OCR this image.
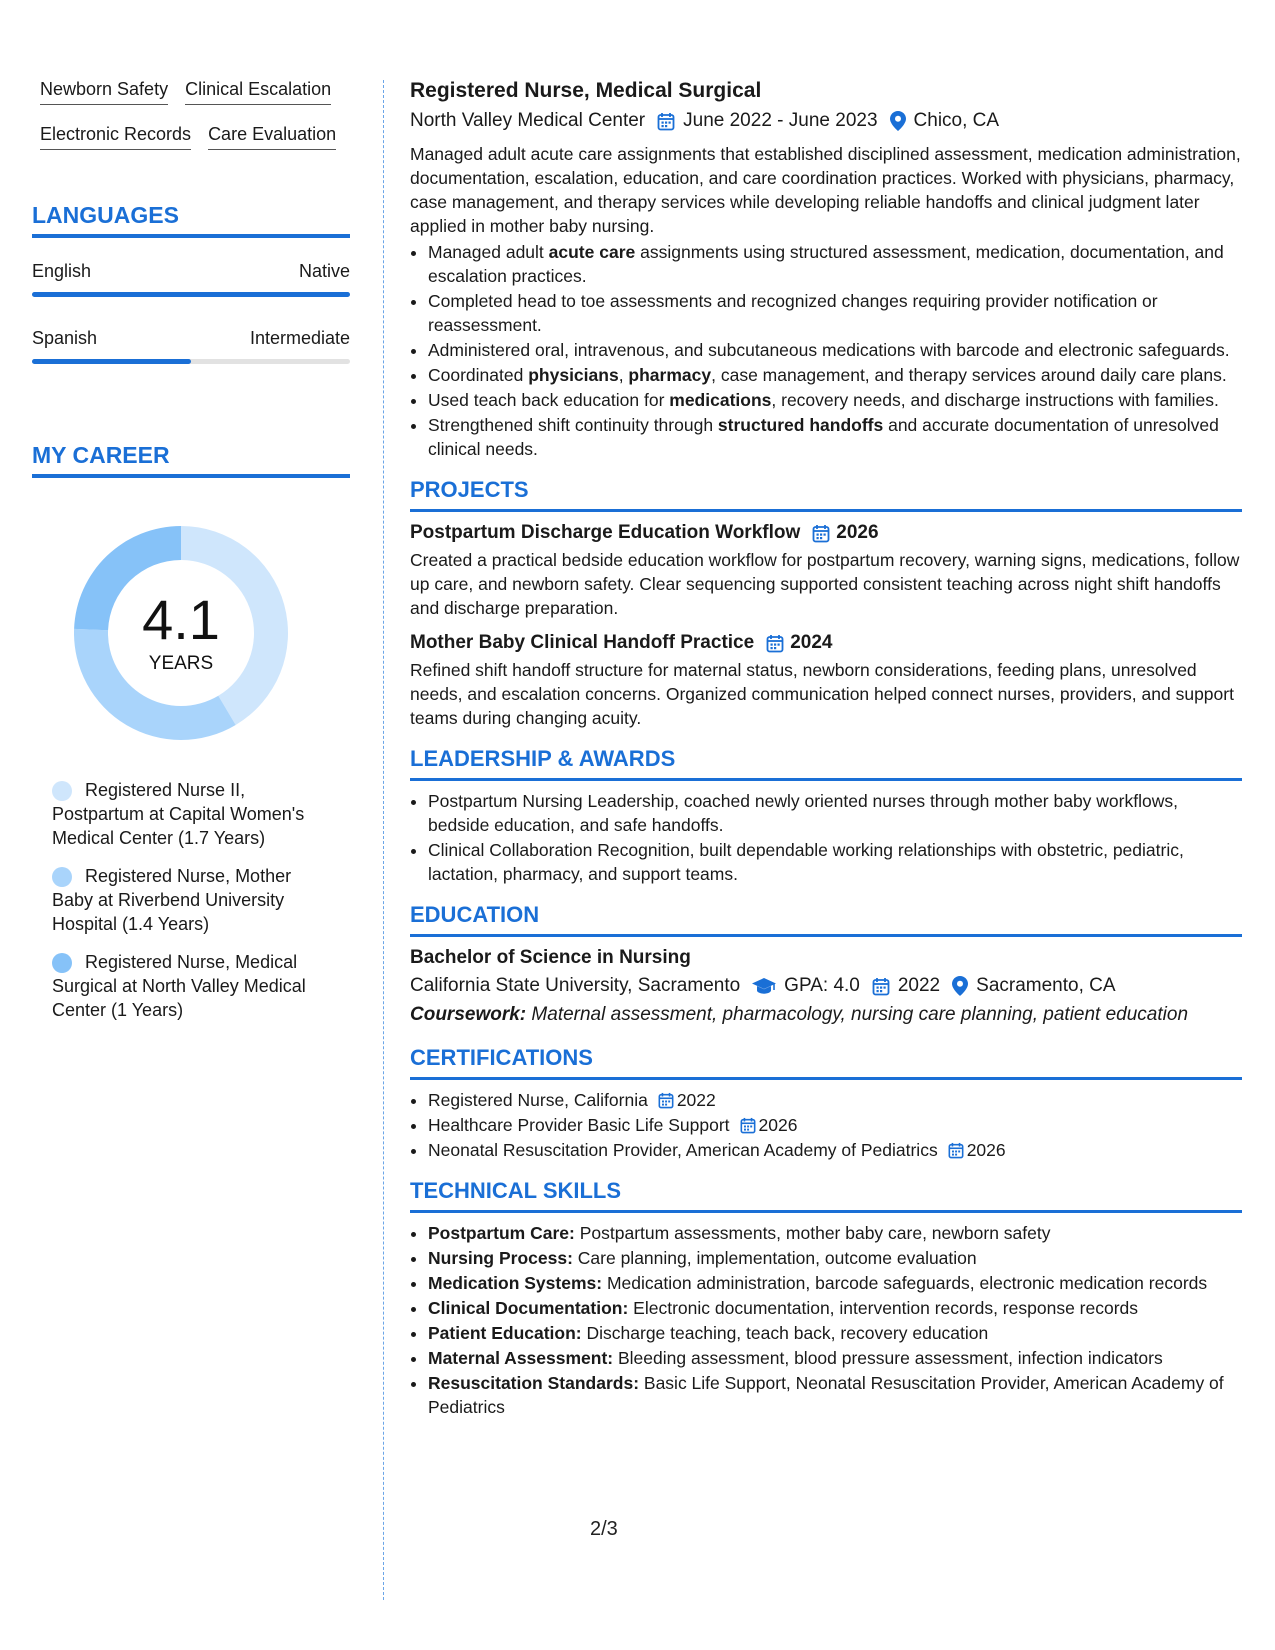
Newborn Safety Clinical Escalation
Electronic Records Care Evaluation
LANGUAGES
English	Native
Spanish	Intermediate
MY CAREER
4.1
YEARS
Registered Nurse II, Postpartum at Capital Women's Medical Center (1.7 Years)
Registered Nurse, Mother Baby at Riverbend University Hospital (1.4 Years)
Registered Nurse, Medical Surgical at North Valley Medical Center (1 Years)
Registered Nurse, Medical Surgical
North Valley Medical Center June 2022 - June 2023 Chico, CA
Managed adult acute care assignments that established disciplined assessment, medication administration, documentation, escalation, education, and care coordination practices. Worked with physicians, pharmacy, case management, and therapy services while developing reliable handoffs and clinical judgment later applied in mother baby nursing.
• Managed adult acute care assignments using structured assessment, medication, documentation, and escalation practices.
• Completed head to toe assessments and recognized changes requiring provider notification or reassessment.
• Administered oral, intravenous, and subcutaneous medications with barcode and electronic safeguards.
• Coordinated physicians, pharmacy, case management, and therapy services around daily care plans.
• Used teach back education for medications, recovery needs, and discharge instructions with families.
• Strengthened shift continuity through structured handoffs and accurate documentation of unresolved clinical needs.
PROJECTS
Postpartum Discharge Education Workflow 2026
Created a practical bedside education workflow for postpartum recovery, warning signs, medications, follow up care, and newborn safety. Clear sequencing supported consistent teaching across night shift handoffs and discharge preparation.
Mother Baby Clinical Handoff Practice 2024
Refined shift handoff structure for maternal status, newborn considerations, feeding plans, unresolved needs, and escalation concerns. Organized communication helped connect nurses, providers, and support teams during changing acuity.
LEADERSHIP & AWARDS
• Postpartum Nursing Leadership, coached newly oriented nurses through mother baby workflows, bedside education, and safe handoffs.
• Clinical Collaboration Recognition, built dependable working relationships with obstetric, pediatric, lactation, pharmacy, and support teams.
EDUCATION
Bachelor of Science in Nursing
California State University, Sacramento GPA: 4.0 2022 Sacramento, CA
Coursework: Maternal assessment, pharmacology, nursing care planning, patient education
CERTIFICATIONS
• Registered Nurse, California 2022
• Healthcare Provider Basic Life Support 2026
• Neonatal Resuscitation Provider, American Academy of Pediatrics 2026
TECHNICAL SKILLS
• Postpartum Care: Postpartum assessments, mother baby care, newborn safety
• Nursing Process: Care planning, implementation, outcome evaluation
• Medication Systems: Medication administration, barcode safeguards, electronic medication records
• Clinical Documentation: Electronic documentation, intervention records, response records
• Patient Education: Discharge teaching, teach back, recovery education
• Maternal Assessment: Bleeding assessment, blood pressure assessment, infection indicators
• Resuscitation Standards: Basic Life Support, Neonatal Resuscitation Provider, American Academy of Pediatrics
2/3
